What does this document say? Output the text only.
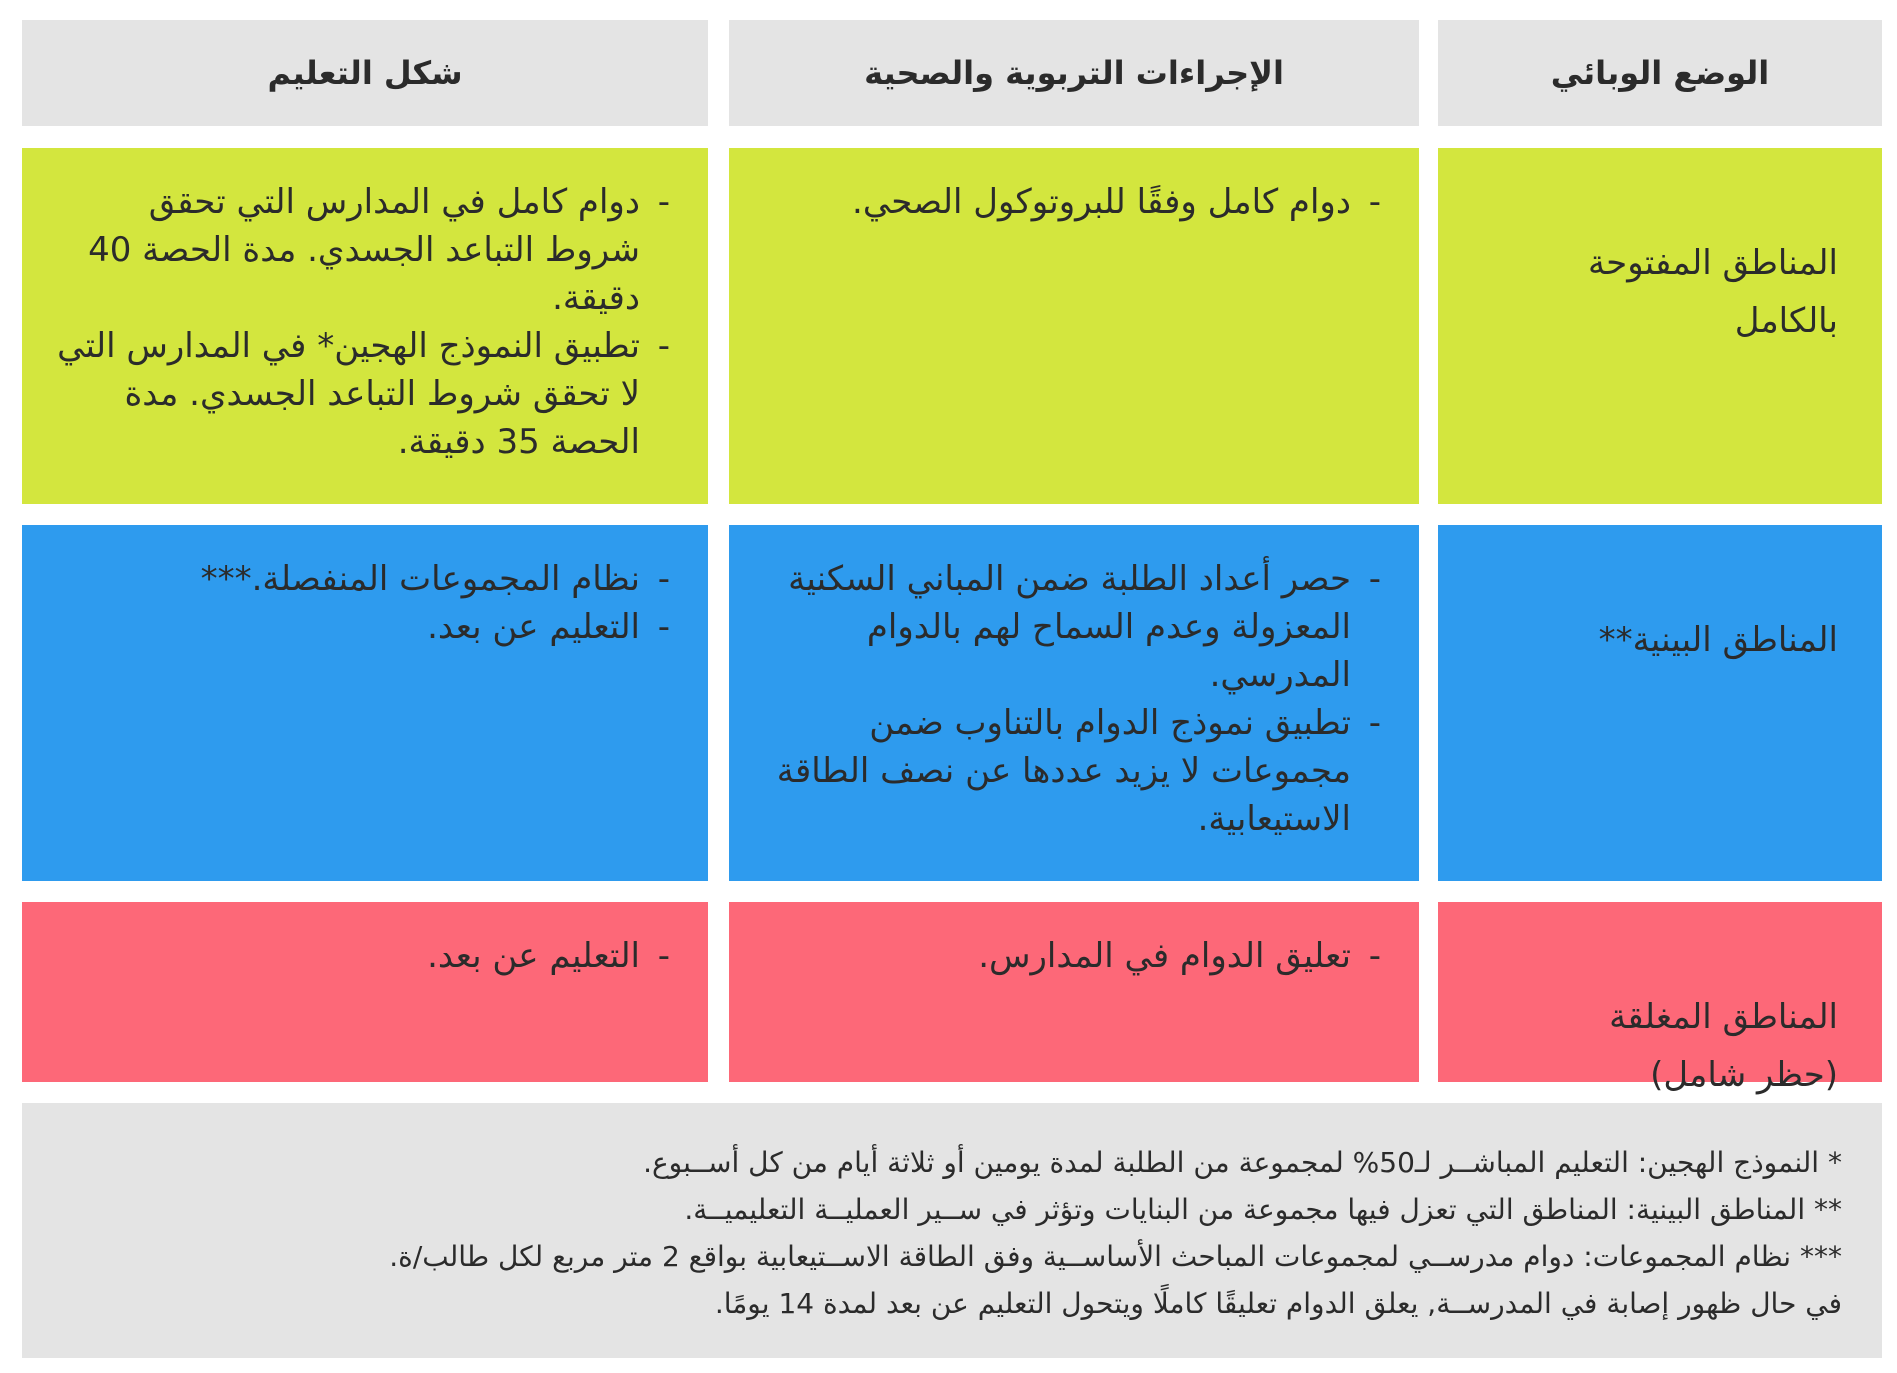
الوضع الوبائي
الإجراءات التربوية والصحية
شكل التعليم

المناطق المفتوحة
بالكامل

- دوام كامل وفقًا للبروتوكول الصحي.
- دوام كامل في المدارس التي تحقق شروط التباعد الجسدي. مدة الحصة 40 دقيقة.
- تطبيق النموذج الهجين* في المدارس التي لا تحقق شروط التباعد الجسدي. مدة الحصة 35 دقيقة.

المناطق البينية**

- حصر أعداد الطلبة ضمن المباني السكنية المعزولة وعدم السماح لهم بالدوام المدرسي.
- تطبيق نموذج الدوام بالتناوب ضمن مجموعات لا يزيد عددها عن نصف الطاقة الاستيعابية.
- نظام المجموعات المنفصلة.***
- التعليم عن بعد.

المناطق المغلقة
(حظر شامل)

- تعليق الدوام في المدارس.
- التعليم عن بعد.
* النموذج الهجين: التعليم المباشــر لـ50% لمجموعة من الطلبة لمدة يومين أو ثلاثة أيام من كل أســبوع.
** المناطق البينية: المناطق التي تعزل فيها مجموعة من البنايات وتؤثر في ســير العمليــة التعليميــة.
*** نظام المجموعات: دوام مدرســي لمجموعات المباحث الأساســية وفق الطاقة الاســتيعابية بواقع 2 متر مربع لكل طالب/ة.
في حال ظهور إصابة في المدرســة, يعلق الدوام تعليقًا كاملًا ويتحول التعليم عن بعد لمدة 14 يومًا.
